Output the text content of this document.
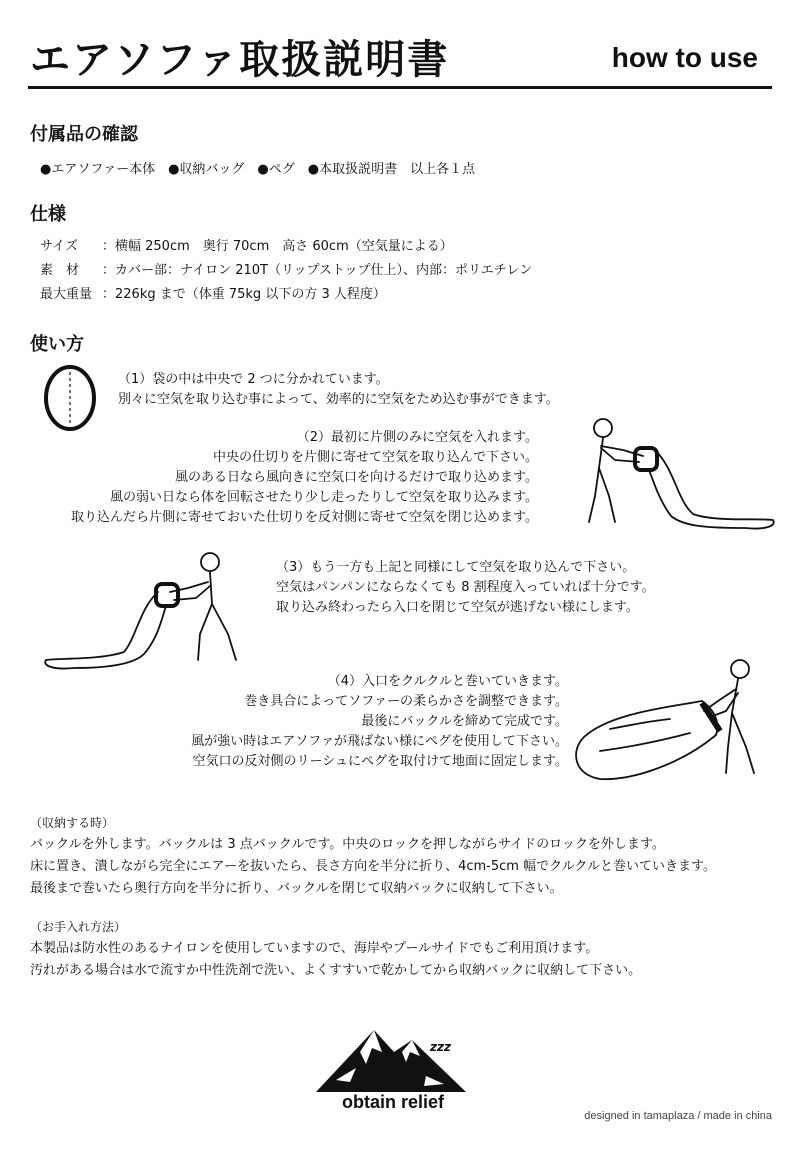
エアソファ取扱説明書	how to use
付属品の確認
●エアソファー本体　●収納バッグ　●ペグ　●本取扱説明書　以上各１点
仕様
サイズ ：横幅 250cm　奥行 70cm　高さ 60cm（空気量による）
素　材 ：カバー部：ナイロン 210T（リップストップ仕上）、内部：ポリエチレン
最大重量 ：226kg まで（体重 75kg 以下の方 3 人程度）
使い方
（1）袋の中は中央で 2 つに分かれています。
別々に空気を取り込む事によって、効率的に空気をため込む事ができます。
（2）最初に片側のみに空気を入れます。
中央の仕切りを片側に寄せて空気を取り込んで下さい。
風のある日なら風向きに空気口を向けるだけで取り込めます。
風の弱い日なら体を回転させたり少し走ったりして空気を取り込みます。
取り込んだら片側に寄せておいた仕切りを反対側に寄せて空気を閉じ込めます。
（3）もう一方も上記と同様にして空気を取り込んで下さい。
空気はパンパンにならなくても 8 割程度入っていれば十分です。
取り込み終わったら入口を閉じて空気が逃げない様にします。
（4）入口をクルクルと巻いていきます。
巻き具合によってソファーの柔らかさを調整できます。
最後にバックルを締めて完成です。
風が強い時はエアソファが飛ばない様にペグを使用して下さい。
空気口の反対側のリーシュにペグを取付けて地面に固定します。
（収納する時）
バックルを外します。バックルは 3 点バックルです。中央のロックを押しながらサイドのロックを外します。
床に置き、潰しながら完全にエアーを抜いたら、長さ方向を半分に折り、4cm-5cm 幅でクルクルと巻いていきます。
最後まで巻いたら奥行方向を半分に折り、バックルを閉じて収納バックに収納して下さい。
（お手入れ方法）
本製品は防水性のあるナイロンを使用していますので、海岸やプールサイドでもご利用頂けます。
汚れがある場合は水で流すか中性洗剤で洗い、よくすすいで乾かしてから収納バックに収納して下さい。
zzz
obtain relief
designed in tamaplaza / made in china
